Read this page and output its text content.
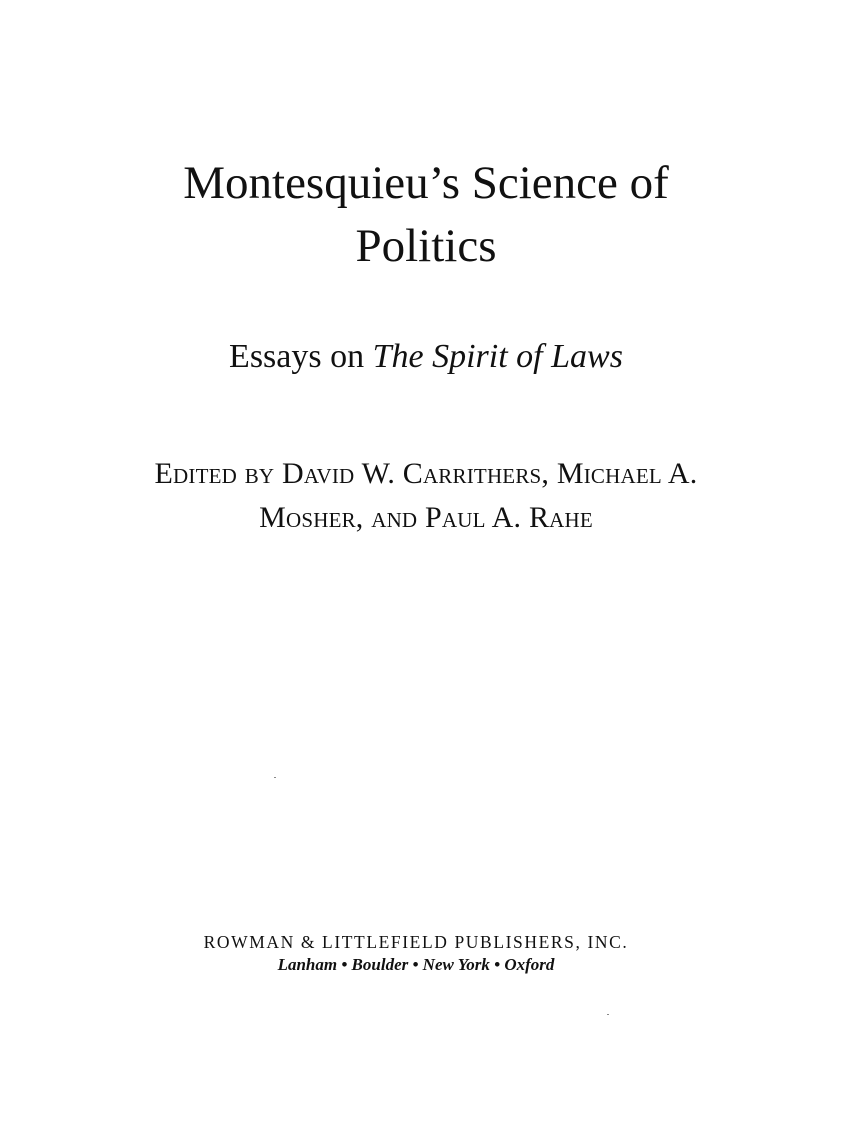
Montesquieu’s Science of
Politics

Essays on The Spirit of Laws

Edited by David W. Carrithers, Michael A.
Mosher, and Paul A. Rahe

ROWMAN & LITTLEFIELD PUBLISHERS, INC.

Lanham • Boulder • New York • Oxford
